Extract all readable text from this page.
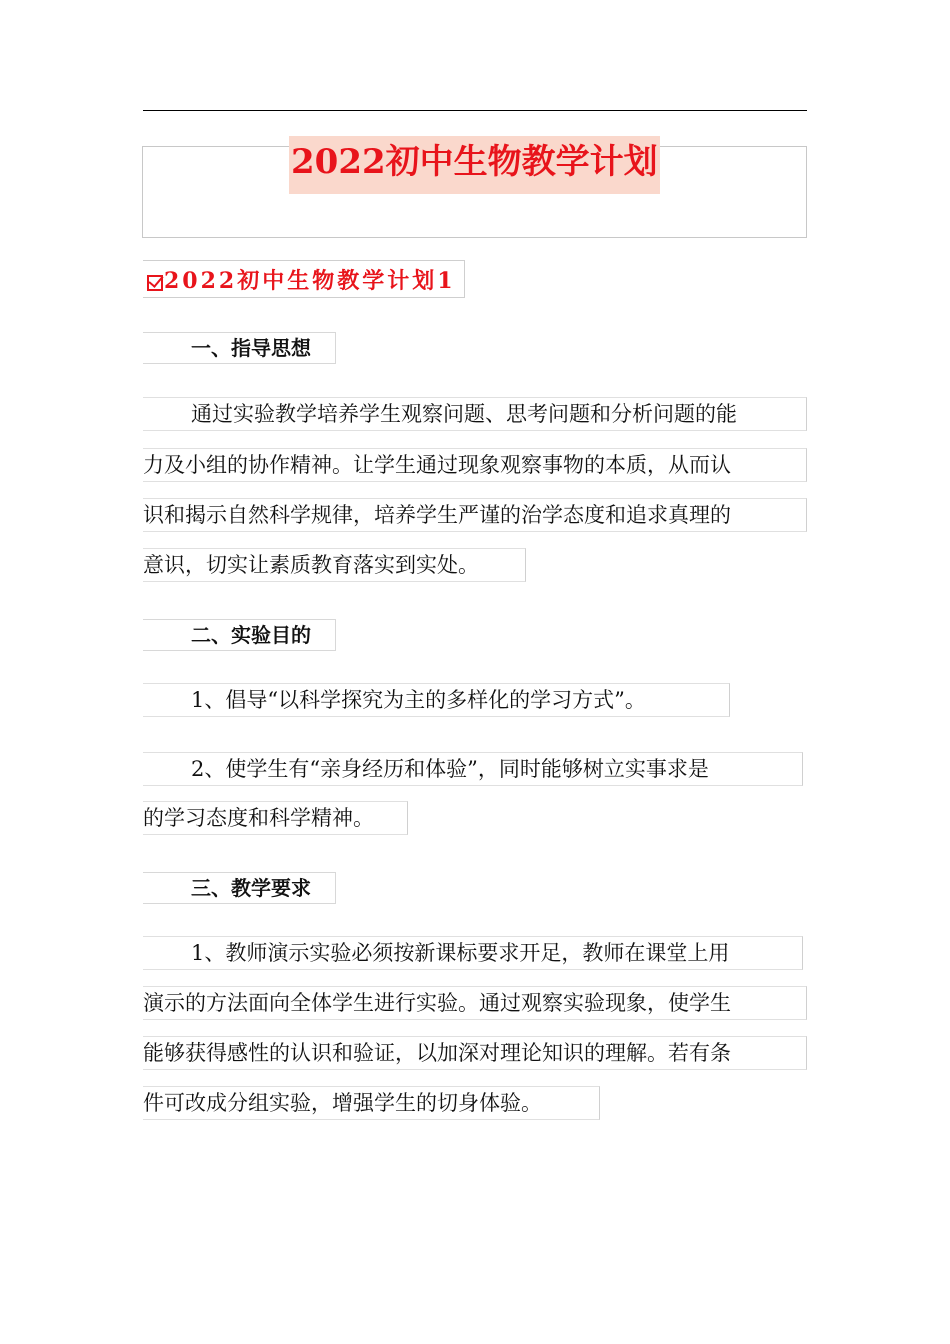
2022初中生物教学计划
2022初中生物教学计划1
一、指导思想
通过实验教学培养学生观察问题、思考问题和分析问题的能
力及小组的协作精神。让学生通过现象观察事物的本质，从而认
识和揭示自然科学规律，培养学生严谨的治学态度和追求真理的
意识，切实让素质教育落实到实处。
二、实验目的
1、倡导“以科学探究为主的多样化的学习方式”。
2、使学生有“亲身经历和体验”，同时能够树立实事求是
的学习态度和科学精神。
三、教学要求
1、教师演示实验必须按新课标要求开足，教师在课堂上用
演示的方法面向全体学生进行实验。通过观察实验现象，使学生
能够获得感性的认识和验证，以加深对理论知识的理解。若有条
件可改成分组实验，增强学生的切身体验。
